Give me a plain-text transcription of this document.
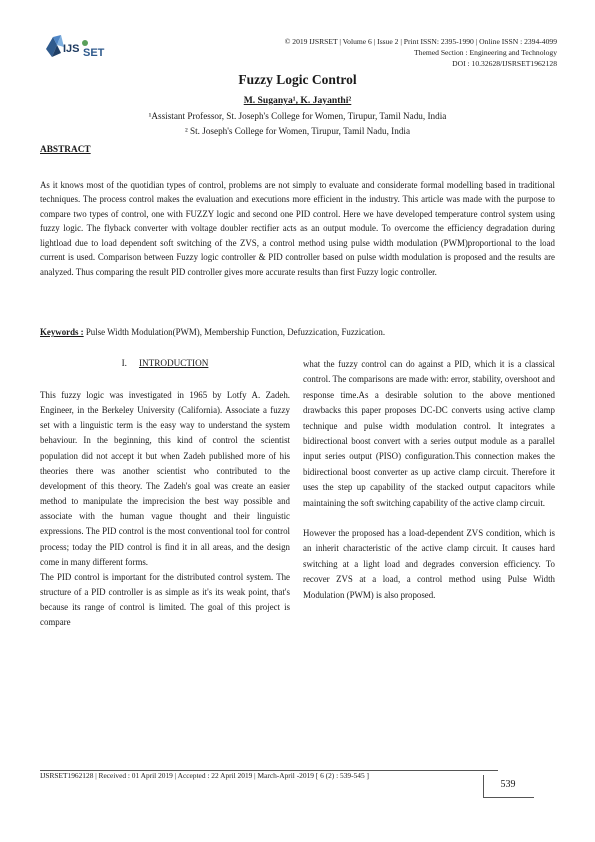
IJS SET
© 2019 IJSRSET | Volume 6 | Issue 2 | Print ISSN: 2395-1990 | Online ISSN : 2394-4099
Themed Section : Engineering and Technology
DOI : 10.32628/IJSRSET1962128
Fuzzy Logic Control
M. Suganya¹, K. Jayanthi²
¹Assistant Professor, St. Joseph's College for Women, Tirupur, Tamil Nadu, India
² St. Joseph's College for Women, Tirupur, Tamil Nadu, India
ABSTRACT
As it knows most of the quotidian types of control, problems are not simply to evaluate and considerate formal modelling based in traditional techniques. The process control makes the evaluation and executions more efficient in the industry. This article was made with the purpose to compare two types of control, one with FUZZY logic and second one PID control. Here we have developed temperature control system using fuzzy logic. The flyback converter with voltage doubler rectifier acts as an output module. To overcome the efficiency degradation during lightload due to load dependent soft switching of the ZVS, a control method using pulse width modulation (PWM)proportional to the load current is used. Comparison between Fuzzy logic controller & PID controller based on pulse width modulation is proposed and the results are analyzed. Thus comparing the result PID controller gives more accurate results than first Fuzzy logic controller.
Keywords : Pulse Width Modulation(PWM), Membership Function, Defuzzication, Fuzzication.
I. INTRODUCTION

This fuzzy logic was investigated in 1965 by Lotfy A. Zadeh. Engineer, in the Berkeley University (California). Associate a fuzzy set with a linguistic term is the easy way to understand the system behaviour. In the beginning, this kind of control the scientist population did not accept it but when Zadeh published more of his theories there was another scientist who contributed to the development of this theory. The Zadeh's goal was create an easier method to manipulate the imprecision the best way possible and associate with the human vague thought and their linguistic expressions. The PID control is the most conventional tool for control process; today the PID control is find it in all areas, and the design come in many different forms.

The PID control is important for the distributed control system. The structure of a PID controller is as simple as it's its weak point, that's because its range of control is limited. The goal of this project is compare

what the fuzzy control can do against a PID, which it is a classical control. The comparisons are made with: error, stability, overshoot and response time.As a desirable solution to the above mentioned drawbacks this paper proposes DC-DC converts using active clamp technique and pulse width modulation control. It integrates a bidirectional boost convert with a series output module as a parallel input series output (PISO) configuration.This connection makes the bidirectional boost converter as up active clamp circuit. Therefore it uses the step up capability of the stacked output capacitors while maintaining the soft switching capability of the active clamp circuit.

However the proposed has a load-dependent ZVS condition, which is an inherit characteristic of the active clamp circuit. It causes hard switching at a light load and degrades conversion efficiency. To recover ZVS at a load, a control method using Pulse Width Modulation (PWM) is also proposed.

IJSRSET1962128 | Received : 01 April 2019 | Accepted : 22 April 2019 | March-April -2019 [ 6 (2) : 539-545 ]
539
